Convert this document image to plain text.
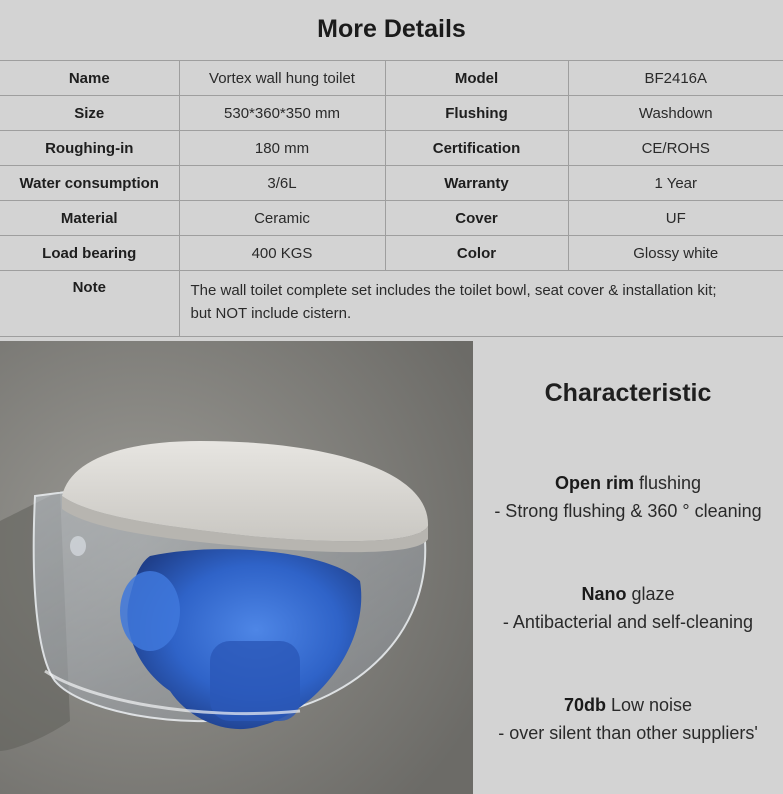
More Details
Name	Vortex wall hung toilet	Model	BF2416A
Size	530*360*350 mm	Flushing	Washdown
Roughing-in	180 mm	Certification	CE/ROHS
Water consumption	3/6L	Warranty	1 Year
Material	Ceramic	Cover	UF
Load bearing	400 KGS	Color	Glossy white
Note	The wall toilet complete set includes the toilet bowl, seat cover & installation kit;
but NOT include cistern.		
Characteristic
Open rim flushing
- Strong flushing & 360 ° cleaning
Nano glaze
- Antibacterial and self-cleaning
70db Low noise
- over silent than other suppliers'
